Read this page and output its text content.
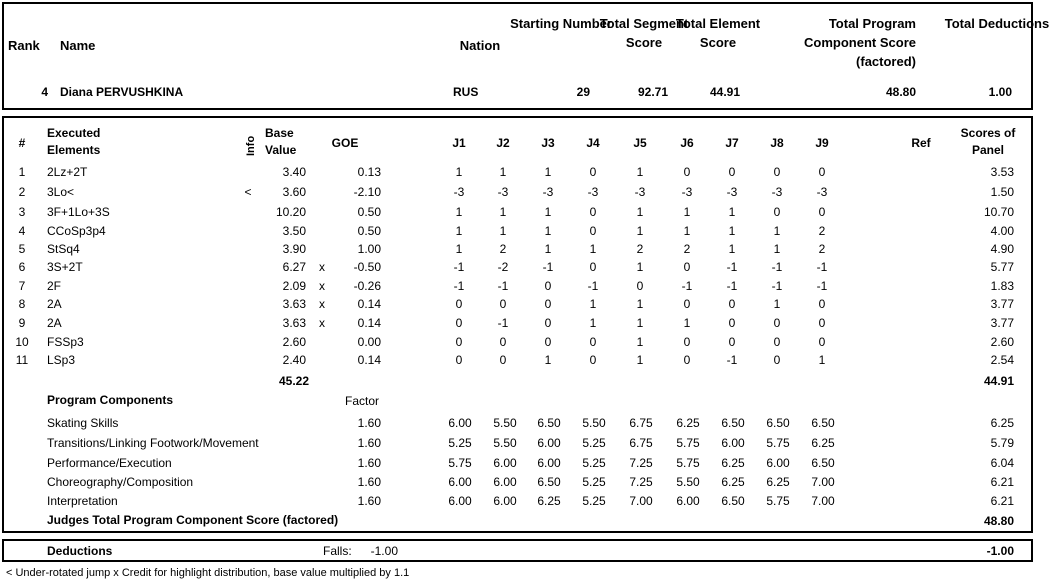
Rank Name	Nation
Starting Number
Total Segment Score
Total Element Score
Total Program Component Score (factored)
Total Deductions
4 Diana PERVUSHKINA	RUS	29	92.71	44.91	48.80	1.00
#
Executed Elements	Info
Base Value	GOE	J1	J2	J3	J4	J5	J6	J7	J8	J9	Ref
Scores of Panel
1	2Lz+2T	3.40	0.13	1	1	1	0	1	0	0	0	0	3.53
2	3Lo<	<	3.60	-2.10	-3	-3	-3	-3	-3	-3	-3	-3	-3	1.50
3	3F+1Lo+3S	10.20	0.50	1	1	1	0	1	1	1	0	0	10.70
4	CCoSp3p4	3.50	0.50	1	1	1	0	1	1	1	1	2	4.00
5	StSq4	3.90	1.00	1	2	1	1	2	2	1	1	2	4.90
6	3S+2T	6.27	x	-0.50	-1	-2	-1	0	1	0	-1	-1	-1	5.77
7	2F	2.09	x	-0.26	-1	-1	0	-1	0	-1	-1	-1	-1	1.83
8	2A	3.63	x	0.14	0	0	0	1	1	0	0	1	0	3.77
9	2A	3.63	x	0.14	0	-1	0	1	1	1	0	0	0	3.77
10	FSSp3	2.60	0.00	0	0	0	0	1	0	0	0	0	2.60
11	LSp3	2.40	0.14	0	0	1	0	1	0	-1	0	1	2.54
45.22	44.91
Program Components	Factor
Skating Skills	1.60	6.00	5.50	6.50	5.50	6.75	6.25	6.50	6.50	6.50	6.25
Transitions/Linking Footwork/Movement	1.60	5.25	5.50	6.00	5.25	6.75	5.75	6.00	5.75	6.25	5.79
Performance/Execution	1.60	5.75	6.00	6.00	5.25	7.25	5.75	6.25	6.00	6.50	6.04
Choreography/Composition	1.60	6.00	6.00	6.50	5.25	7.25	5.50	6.25	6.25	7.00	6.21
Interpretation	1.60	6.00	6.00	6.25	5.25	7.00	6.00	6.50	5.75	7.00	6.21
Judges Total Program Component Score (factored)	48.80
Deductions	Falls:	-1.00	-1.00
< Under-rotated jump x Credit for highlight distribution, base value multiplied by 1.1
